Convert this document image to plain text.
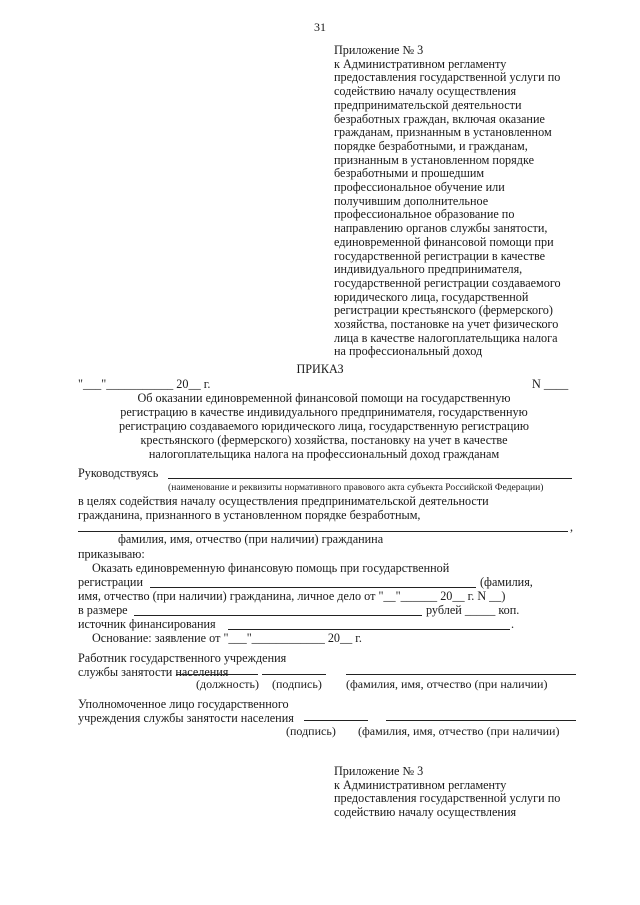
31
Приложение № 3
к Административном регламенту
предоставления государственной услуги по
содействию началу осуществления
предпринимательской деятельности
безработных граждан, включая оказание
гражданам, признанным в установленном
порядке безработными, и гражданам,
признанным в установленном порядке
безработными и прошедшим
профессиональное обучение или
получившим дополнительное
профессиональное образование по
направлению органов службы занятости,
единовременной финансовой помощи при
государственной регистрации в качестве
индивидуального предпринимателя,
государственной регистрации создаваемого
юридического лица, государственной
регистрации крестьянского (фермерского)
хозяйства, постановке на учет физического
лица в качестве налогоплательщика налога
на профессиональный доход
ПРИКАЗ
"___"___________ 20__ г.	N ____
Об оказании единовременной финансовой помощи на государственную
регистрацию в качестве индивидуального предпринимателя, государственную
регистрацию создаваемого юридического лица, государственную регистрацию
крестьянского (фермерского) хозяйства, постановку на учет в качестве
налогоплательщика налога на профессиональный доход гражданам
Руководствуясь
(наименование и реквизиты нормативного правового акта субъекта Российской Федерации)
в целях содействия началу осуществления предпринимательской деятельности
гражданина, признанного в установленном порядке безработным,
,
фамилия, имя, отчество (при наличии) гражданина
приказываю:
Оказать единовременную финансовую помощь при государственной
регистрации	(фамилия,
имя, отчество (при наличии) гражданина, личное дело от "__"______ 20__ г. N __)
в размере	рублей _____ коп.
источник финансирования	.
Основание: заявление от "___"____________ 20__ г.
Работник государственного учреждения
службы занятости населения
(должность) (подпись) (фамилия, имя, отчество (при наличии)
Уполномоченное лицо государственного
учреждения службы занятости населения
(подпись) (фамилия, имя, отчество (при наличии)
Приложение № 3
к Административном регламенту
предоставления государственной услуги по
содействию началу осуществления
